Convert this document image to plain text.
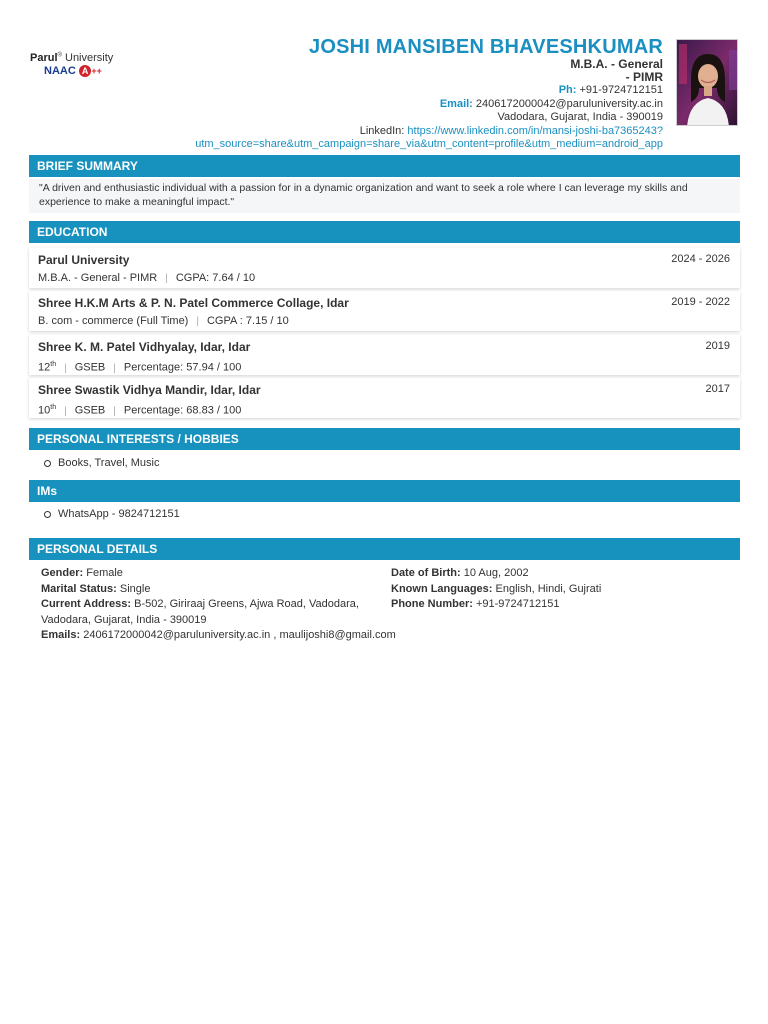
Parul® University
NAAC A ++
JOSHI MANSIBEN BHAVESHKUMAR
M.B.A. - General
- PIMR
Ph: +91-9724712151
Email: 2406172000042@paruluniversity.ac.in
Vadodara, Gujarat, India - 390019
LinkedIn: https://www.linkedin.com/in/mansi-joshi-ba7365243?
utm_source=share&utm_campaign=share_via&utm_content=profile&utm_medium=android_app
BRIEF SUMMARY
"A driven and enthusiastic individual with a passion for in a dynamic organization and want to seek a role where I can leverage my skills and experience to make a meaningful impact."
EDUCATION
Parul University	2024 - 2026
M.B.A. - General - PIMR | CGPA: 7.64 / 10
Shree H.K.M Arts & P. N. Patel Commerce Collage, Idar	2019 - 2022
B. com - commerce (Full Time) | CGPA : 7.15 / 10
Shree K. M. Patel Vidhyalay, Idar, Idar	2019
12th | GSEB | Percentage: 57.94 / 100
Shree Swastik Vidhya Mandir, Idar, Idar	2017
10th | GSEB | Percentage: 68.83 / 100
PERSONAL INTERESTS / HOBBIES
Books, Travel, Music
IMs
WhatsApp - 9824712151
PERSONAL DETAILS
Gender: Female
Marital Status: Single
Current Address: B-502, Giriraaj Greens, Ajwa Road, Vadodara, Vadodara, Gujarat, India - 390019
Date of Birth: 10 Aug, 2002
Known Languages: English, Hindi, Gujrati
Phone Number: +91-9724712151
Emails: 2406172000042@paruluniversity.ac.in , maulijoshi8@gmail.com
